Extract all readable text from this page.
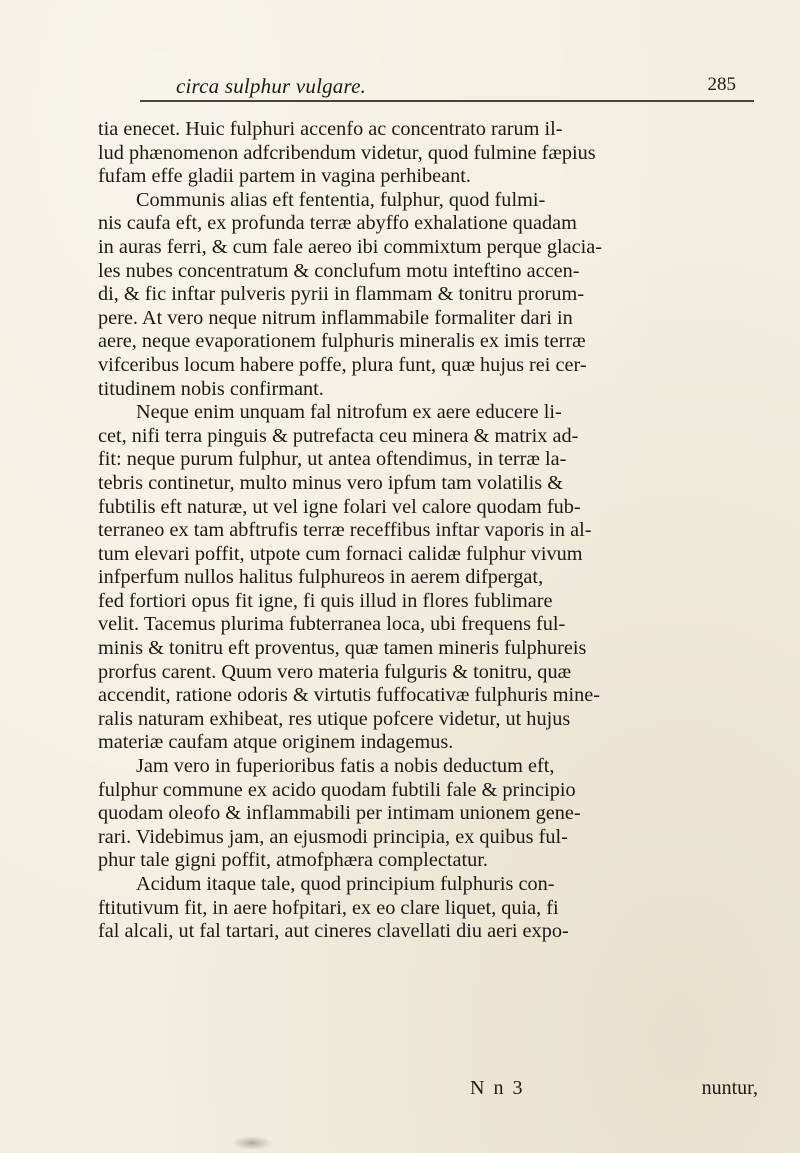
circa sulphur vulgare.	285
tia enecet. Huic fulphuri accenfo ac concentrato rarum il-
lud phænomenon adfcribendum videtur, quod fulmine fæpius
fufam effe gladii partem in vagina perhibeant.
Communis alias eft fententia, fulphur, quod fulmi-
nis caufa eft, ex profunda terræ abyffo exhalatione quadam
in auras ferri, & cum fale aereo ibi commixtum perque glacia-
les nubes concentratum & conclufum motu inteftino accen-
di, & fic inftar pulveris pyrii in flammam & tonitru prorum-
pere. At vero neque nitrum inflammabile formaliter dari in
aere, neque evaporationem fulphuris mineralis ex imis terræ
vifceribus locum habere poffe, plura funt, quæ hujus rei cer-
titudinem nobis confirmant.
Neque enim unquam fal nitrofum ex aere educere li-
cet, nifi terra pinguis & putrefacta ceu minera & matrix ad-
fit: neque purum fulphur, ut antea oftendimus, in terræ la-
tebris continetur, multo minus vero ipfum tam volatilis &
fubtilis eft naturæ, ut vel igne folari vel calore quodam fub-
terraneo ex tam abftrufis terræ receffibus inftar vaporis in al-
tum elevari poffit, utpote cum fornaci calidæ fulphur vivum
infperfum nullos halitus fulphureos in aerem difpergat,
fed fortiori opus fit igne, fi quis illud in flores fublimare
velit. Tacemus plurima fubterranea loca, ubi frequens ful-
minis & tonitru eft proventus, quæ tamen mineris fulphureis
prorfus carent. Quum vero materia fulguris & tonitru, quæ
accendit, ratione odoris & virtutis fuffocativæ fulphuris mine-
ralis naturam exhibeat, res utique pofcere videtur, ut hujus
materiæ caufam atque originem indagemus.
Jam vero in fuperioribus fatis a nobis deductum eft,
fulphur commune ex acido quodam fubtili fale & principio
quodam oleofo & inflammabili per intimam unionem gene-
rari. Videbimus jam, an ejusmodi principia, ex quibus ful-
phur tale gigni poffit, atmofphæra complectatur.
Acidum itaque tale, quod principium fulphuris con-
ftitutivum fit, in aere hofpitari, ex eo clare liquet, quia, fi
fal alcali, ut fal tartari, aut cineres clavellati diu aeri expo-
N n 3	nuntur,
